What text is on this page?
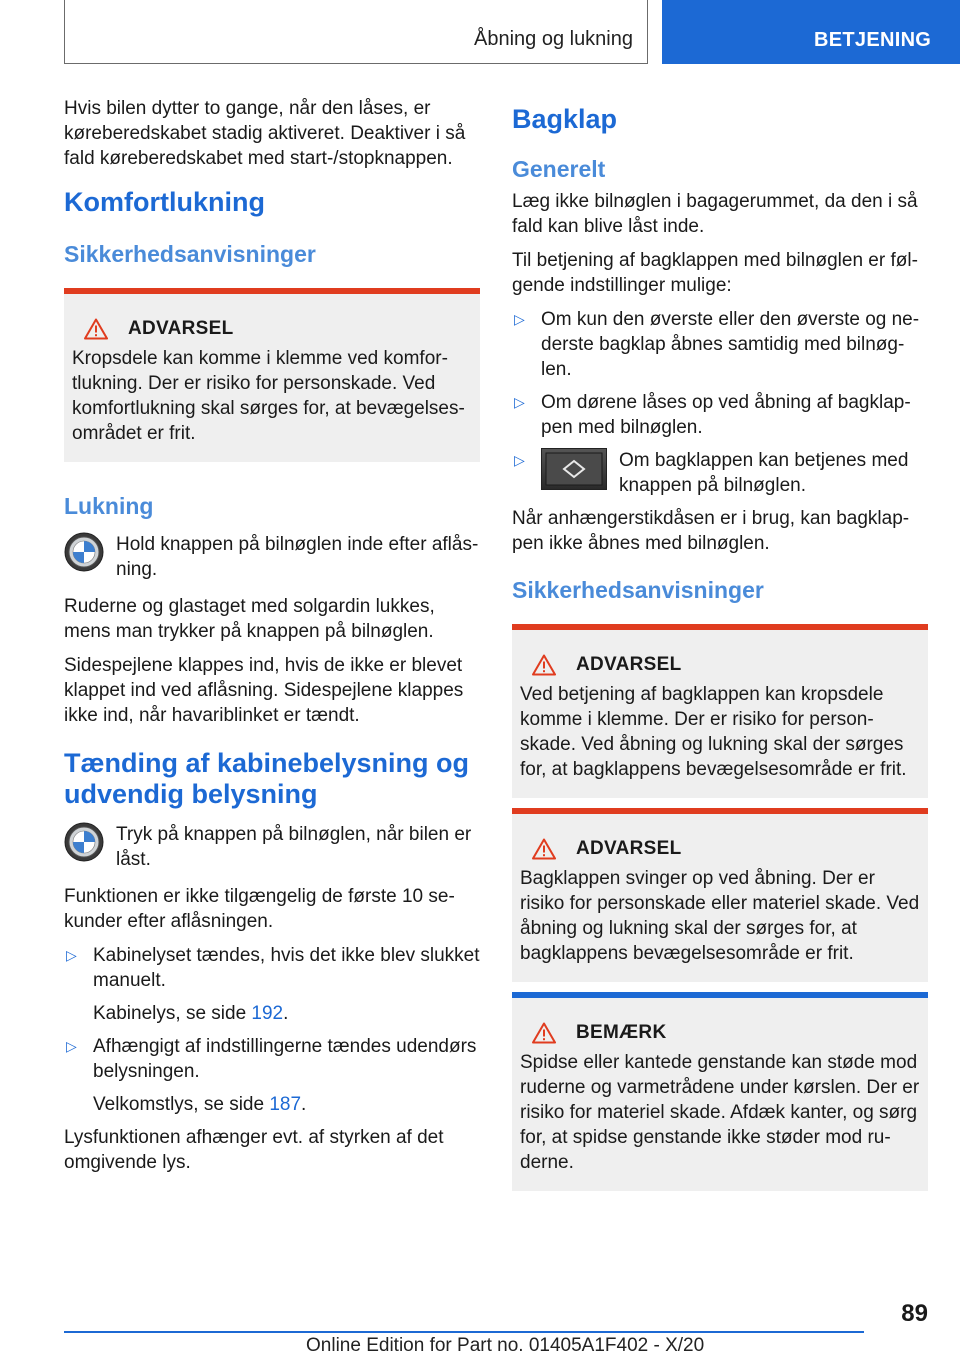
Åbning og lukning	BETJENING

Hvis bilen dytter to gange, når den låses, er køreberedskabet stadig aktiveret. Deaktiver i så fald køreberedskabet med start-/stopknappen.

Komfortlukning
Sikkerhedsanvisninger
ADVARSEL

Kropsdele kan komme i klemme ved komfortlukning. Der er risiko for personskade. Ved komfortlukning skal sørges for, at bevægelsesområdet er frit.

Lukning

Hold knappen på bilnøglen inde efter aflåsning.

Ruderne og glastaget med solgardin lukkes, mens man trykker på knappen på bilnøglen.

Sidespejlene klappes ind, hvis de ikke er blevet klappet ind ved aflåsning. Sidespejlene klappes ikke ind, når havariblinket er tændt.

Tænding af kabinebelysning og udvendig belysning

Tryk på knappen på bilnøglen, når bilen er låst.

Funktionen er ikke tilgængelig de første 10 sekunder efter aflåsningen.

▷ Kabinelyset tændes, hvis det ikke blev slukket manuelt.
Kabinelys, se side 192.
▷ Afhængigt af indstillingerne tændes udendørs belysningen.
Velkomstlys, se side 187.

Lysfunktionen afhænger evt. af styrken af det omgivende lys.

Bagklap
Generelt

Læg ikke bilnøglen i bagagerummet, da den i så fald kan blive låst inde.

Til betjening af bagklappen med bilnøglen er følgende indstillinger mulige:

▷ Om kun den øverste eller den øverste og nederste bagklap åbnes samtidig med bilnøglen.
▷ Om dørene låses op ved åbning af bagklappen med bilnøglen.
▷	Om bagklappen kan betjenes med knappen på bilnøglen.

Når anhængerstikdåsen er i brug, kan bagklappen ikke åbnes med bilnøglen.

Sikkerhedsanvisninger
ADVARSEL

Ved betjening af bagklappen kan kropsdele komme i klemme. Der er risiko for personskade. Ved åbning og lukning skal der sørges for, at bagklappens bevægelsesområde er frit.

ADVARSEL

Bagklappen svinger op ved åbning. Der er risiko for personskade eller materiel skade. Ved åbning og lukning skal der sørges for, at bagklappens bevægelsesområde er frit.

BEMÆRK

Spidse eller kantede genstande kan støde mod ruderne og varmetrådene under kørslen. Der er risiko for materiel skade. Afdæk kanter, og sørg for, at spidse genstande ikke støder mod ruderne.

89
Online Edition for Part no. 01405A1F402 - X/20
